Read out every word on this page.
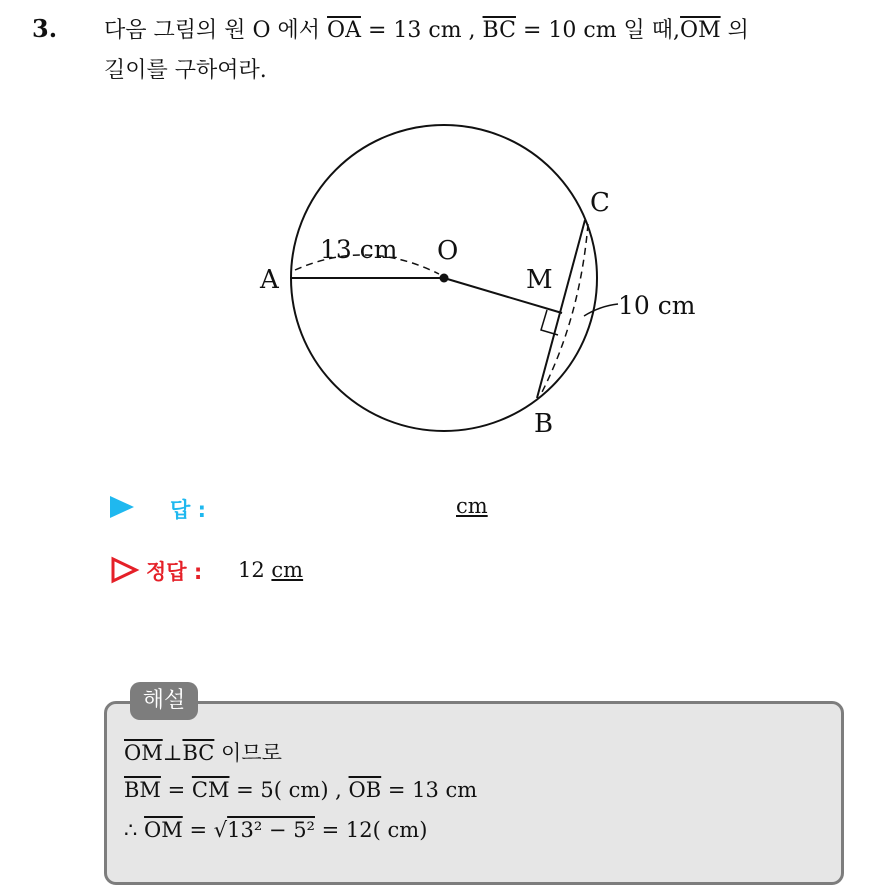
3. 다음 그림의 원 O 에서 $\overline{OA} = 13$ cm , $\overline{BC} = 10$ cm 일 때$,\overline{OM}$ 의
길이를 구하여라.
A
O
M
B
C
13 cm
10 cm
답 :	cm
정답 : 12 cm
해설
$\overline{OM}\perp\overline{BC}$ 이므로
$\overline{BM} = \overline{CM} = 5$( cm) , $\overline{OB} = 13$ cm
∴ $\overline{OM} = √13^2 - 5^2 = 12$( cm)
